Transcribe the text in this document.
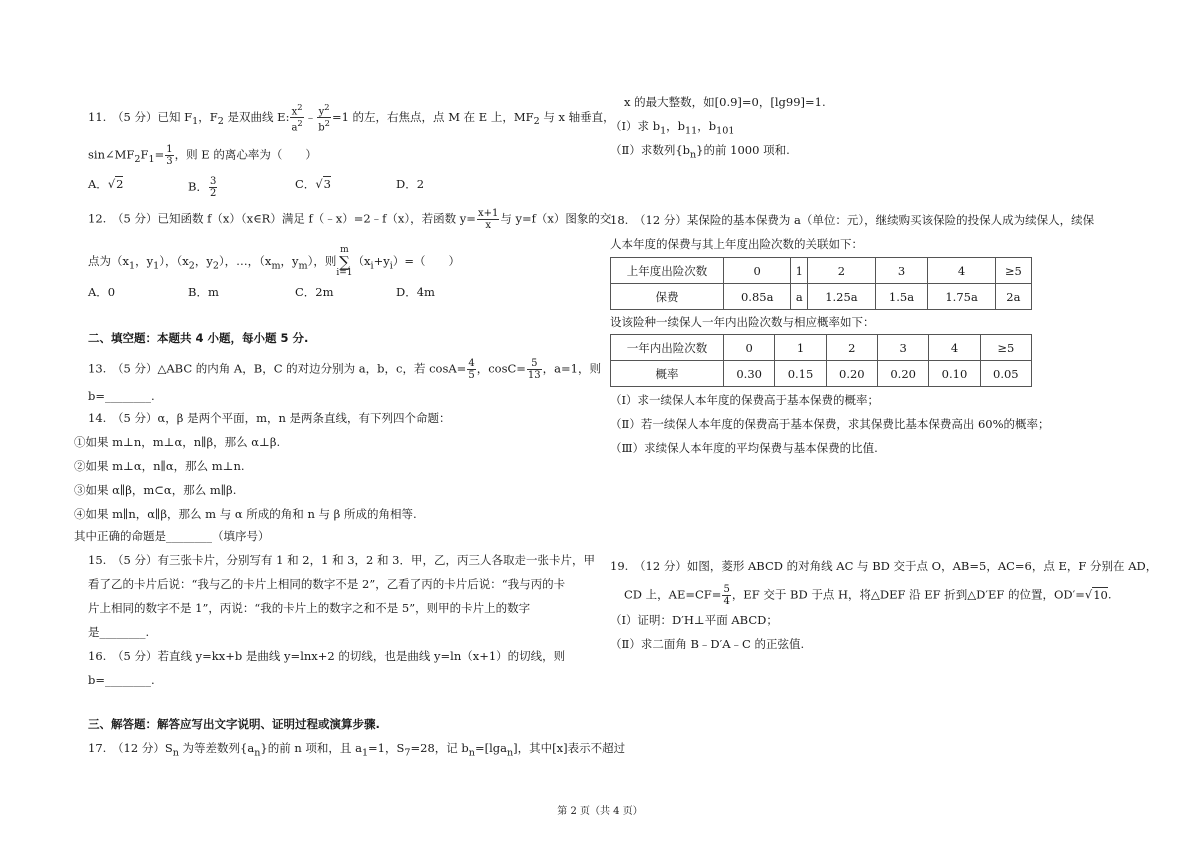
11.　（5 分）已知 $F_1$，$F_2$ 是双曲线 E: $\frac{x^2}{a^2}$ ﹣ $\frac{y^2}{b^2} =1$ 的左，右焦点，点 M 在 E 上，$MF_2$ 与 x 轴垂直，
$\sin\angle MF_2F_1= \frac{1}{3}$ ，则 E 的离心率为（　　）
A．√2	B． $\frac{3}{2}$	C．√3	D．2
12.　（5 分）已知函数 f（x）（x∈R）满足 f（﹣x）=2﹣f（x），若函数 $y= \frac{x+1}{x}$ 与 y=f（x）图象的交
点为（$x_1$，$y_1$），（$x_2$，$y_2$），…，（$x_m$，$y_m$），则m
∑
$i=1(x_i+y_i)=$（　　）
A．0	B．m	C．2m	D．4m
二、填空题：本题共 4 小题，每小题 5 分.
13.　（5 分）△ABC 的内角 A，B，C 的对边分别为 a，b，c，若 $\cos A= \frac{4}{5}$ ，$\cos C= \frac{5}{13}$ ，a=1，则
b=________.
14.　（5 分）α，β 是两个平面，m，n 是两条直线，有下列四个命题：
①如果 m⊥n，m⊥α，n∥β，那么 α⊥β.
②如果 m⊥α，n∥α，那么 m⊥n.
③如果 α∥β，m⊂α，那么 m∥β.
④如果 m∥n，α∥β，那么 m 与 α 所成的角和 n 与 β 所成的角相等.
其中正确的命题是________（填序号）
15.　（5 分）有三张卡片，分别写有 1 和 2，1 和 3，2 和 3．甲，乙，丙三人各取走一张卡片，甲
看了乙的卡片后说：“我与乙的卡片上相同的数字不是 2”，乙看了丙的卡片后说：“我与丙的卡
片上相同的数字不是 1”，丙说：“我的卡片上的数字之和不是 5”，则甲的卡片上的数字
是________.
16.　（5 分）若直线 y=kx+b 是曲线 y=lnx+2 的切线，也是曲线 y=ln（x+1）的切线，则
b=________.
三、解答题：解答应写出文字说明、证明过程或演算步骤.
17.　（12 分）$S_n$ 为等差数列$\{a_n\}$的前 n 项和，且 $a_1=1$，$S_7=28$，记 $b_n=[\lg a_n]$，其中[x]表示不超过
x 的最大整数，如[0.9]=0，[lg99]=1.
（Ⅰ）求 $b_1$，$b_{11}$，$b_{101}$
（Ⅱ）求数列$\{b_n\}$的前 1000 项和.
18.　（12 分）某保险的基本保费为 a（单位：元），继续购买该保险的投保人成为续保人，续保
人本年度的保费与其上年度出险次数的关联如下：
上年度出险次数	0	1	2	3	4	≥5
保费	0.85a	a	1.25a	1.5a	1.75a	2a
设该险种一续保人一年内出险次数与相应概率如下：
一年内出险次数	0	1	2	3	4	≥5
概率	0.30	0.15	0.20	0.20	0.10	0.05
（Ⅰ）求一续保人本年度的保费高于基本保费的概率；
（Ⅱ）若一续保人本年度的保费高于基本保费，求其保费比基本保费高出 60%的概率；
（Ⅲ）求续保人本年度的平均保费与基本保费的比值.
19.　（12 分）如图，菱形 ABCD 的对角线 AC 与 BD 交于点 O，AB=5，AC=6，点 E，F 分别在 AD，
CD 上，$AE=CF= \frac{5}{4}$ ，EF 交于 BD 于点 H，将△DEF 沿 EF 折到△D′EF 的位置，OD′=√10.
（Ⅰ）证明：D′H⊥平面 ABCD；
（Ⅱ）求二面角 B﹣D′A﹣C 的正弦值.
第 2 页（共 4 页）
